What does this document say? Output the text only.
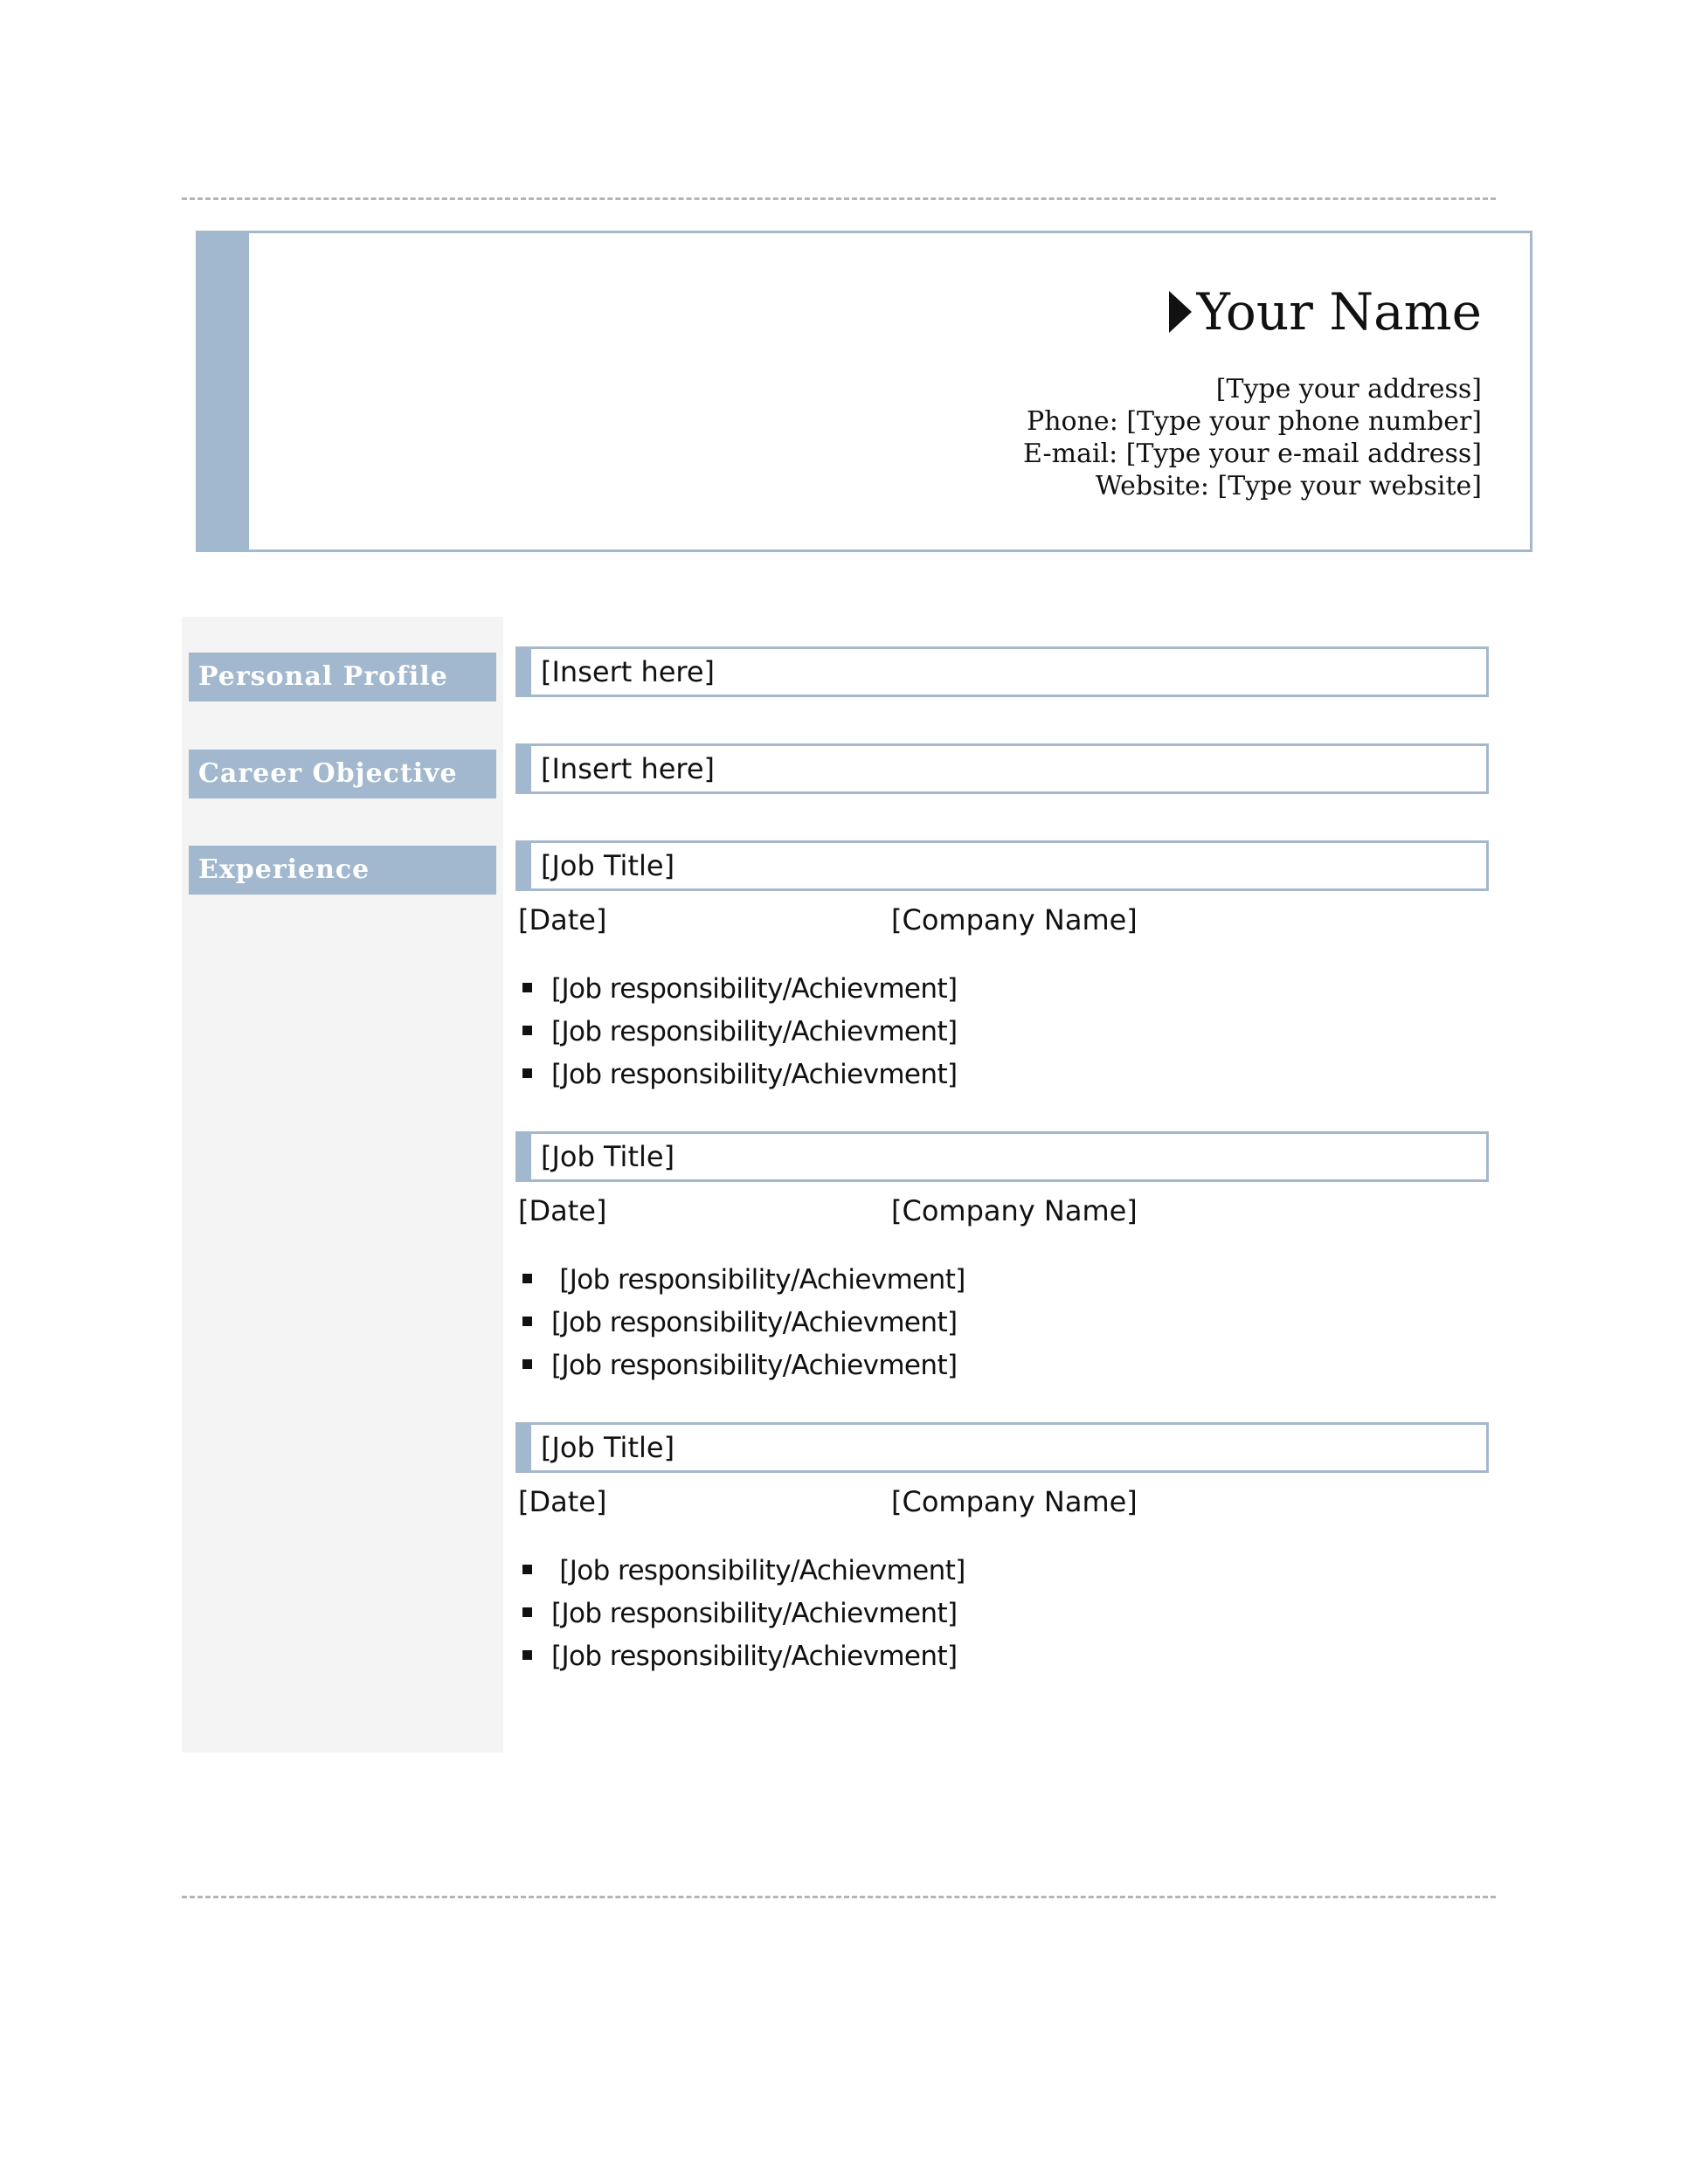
Your Name
[Type your address]
Phone: [Type your phone number]
E-mail: [Type your e-mail address]
Website: [Type your website]
Personal Profile
Career Objective
Experience
[Insert here]
[Insert here]
[Job Title]
[Date]	[Company Name]
[Job responsibility/Achievment]
[Job responsibility/Achievment]
[Job responsibility/Achievment]
[Job Title]
[Date]	[Company Name]
[Job responsibility/Achievment]
[Job responsibility/Achievment]
[Job responsibility/Achievment]
[Job Title]
[Date]	[Company Name]
[Job responsibility/Achievment]
[Job responsibility/Achievment]
[Job responsibility/Achievment]
